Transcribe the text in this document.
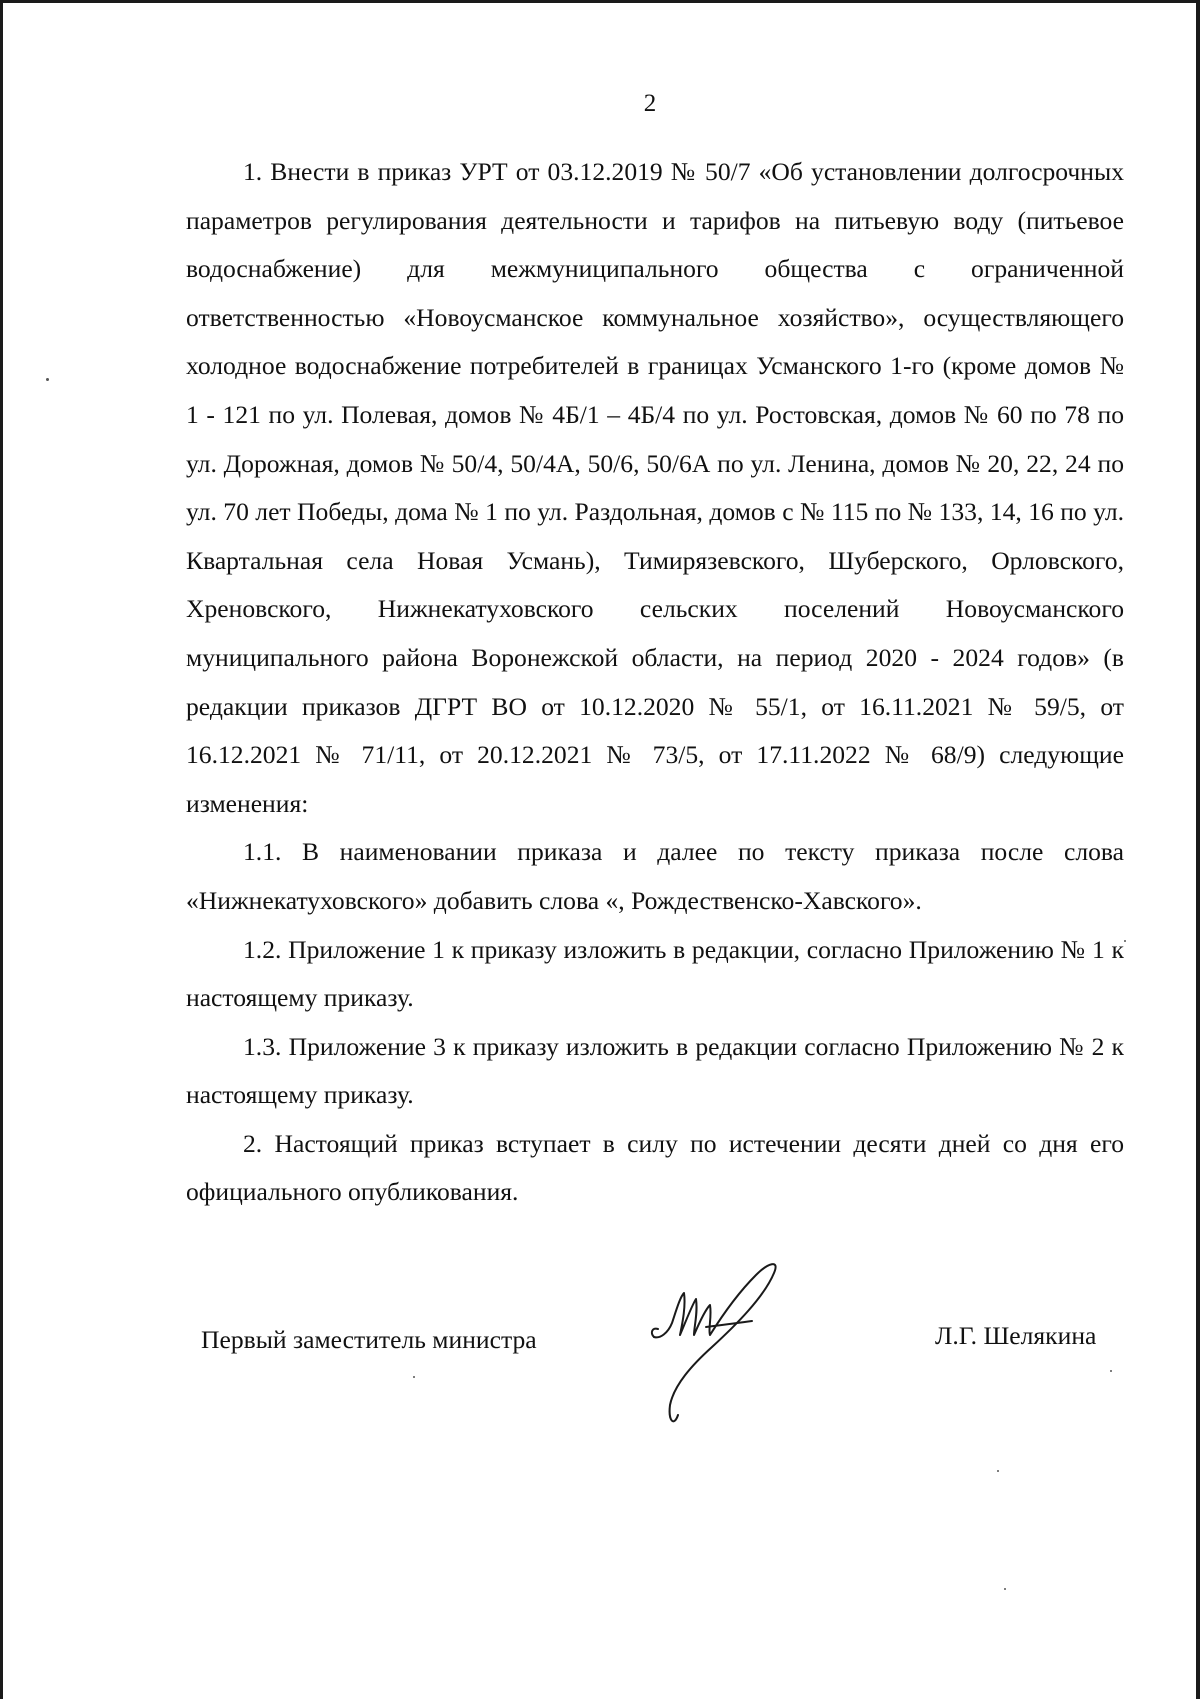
2

1. Внести в приказ УРТ от 03.12.2019 № 50/7 «Об установлении долгосрочных параметров регулирования деятельности и тарифов на питьевую воду (питьевое водоснабжение) для межмуниципального общества с ограниченной ответственностью «Новоусманское коммунальное хозяйство», осуществляющего холодное водоснабжение потребителей в границах Усманского 1-го (кроме домов № 1 - 121 по ул. Полевая, домов № 4Б/1 – 4Б/4 по ул. Ростовская, домов № 60 по 78 по ул. Дорожная, домов № 50/4, 50/4А, 50/6, 50/6А по ул. Ленина, домов № 20, 22, 24 по ул. 70 лет Победы, дома № 1 по ул. Раздольная, домов с № 115 по № 133, 14, 16 по ул. Квартальная села Новая Усмань), Тимирязевского, Шуберского, Орловского, Хреновского, Нижнекатуховского сельских поселений Новоусманского муниципального района Воронежской области, на период 2020 - 2024 годов» (в редакции приказов ДГРТ ВО от 10.12.2020 № 55/1, от 16.11.2021 № 59/5, от 16.12.2021 № 71/11, от 20.12.2021 № 73/5, от 17.11.2022 № 68/9) следующие изменения:

1.1. В наименовании приказа и далее по тексту приказа после слова «Нижнекатуховского» добавить слова «, Рождественско-Хавского».

1.2. Приложение 1 к приказу изложить в редакции, согласно Приложению № 1 к настоящему приказу.

1.3. Приложение 3 к приказу изложить в редакции согласно Приложению № 2 к настоящему приказу.

2. Настоящий приказ вступает в силу по истечении десяти дней со дня его официального опубликования.

Первый заместитель министра	Л.Г. Шелякина
